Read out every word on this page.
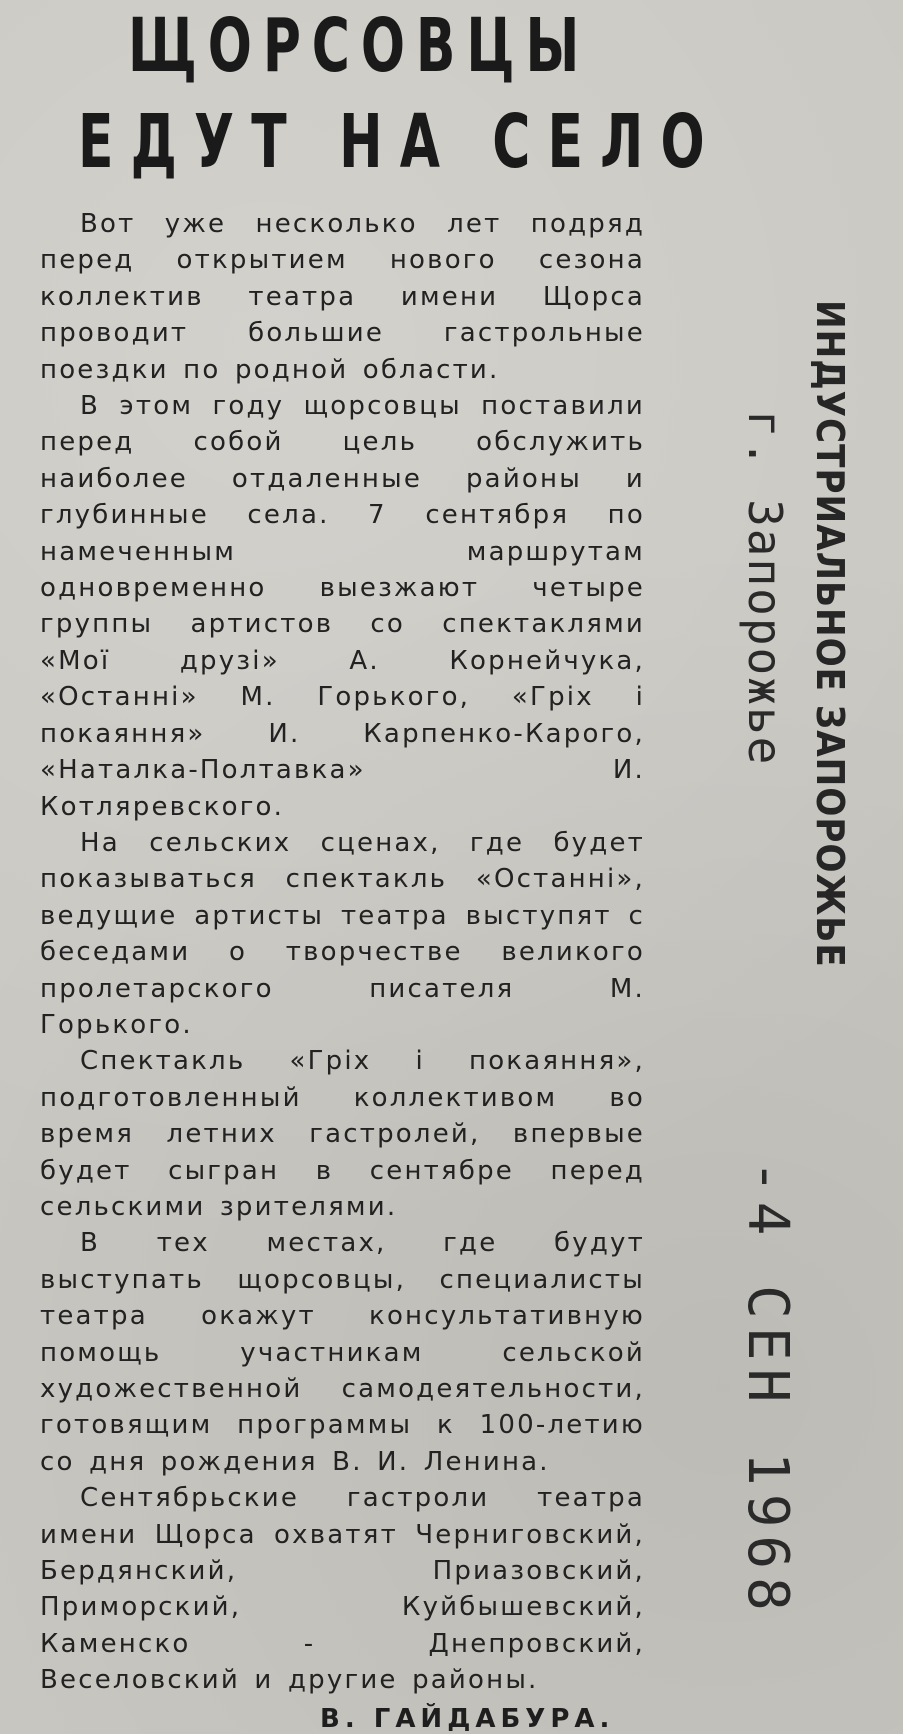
ЩОРСОВЦЫ
ЕДУТ НА СЕЛО

Вот уже несколько лет подряд перед открытием нового сезона коллектив театра имени Щорса проводит большие гастрольные поездки по родной области.

В этом году щорсовцы поставили перед собой цель обслужить наиболее отдаленные районы и глубинные села. 7 сентября по намеченным маршрутам одновременно выезжают четыре группы артистов со спектаклями «Мої друзі» А. Корнейчука, «Останні» М. Горького, «Гріх і покаяння» И. Карпенко-Карого, «Наталка-Полтавка» И. Котляревского.

На сельских сценах, где будет показываться спектакль «Останні», ведущие артисты театра выступят с беседами о творчестве великого пролетарского писателя М. Горького.

Спектакль «Гріх і покаяння», подготовленный коллективом во время летних гастролей, впервые будет сыгран в сентябре перед сельскими зрителями.

В тех местах, где будут выступать щорсовцы, специалисты театра окажут консультативную помощь участникам сельской художественной самодеятельности, готовящим программы к 100-летию со дня рождения В. И. Ленина.

Сентябрьские гастроли театра имени Щорса охватят Черниговский, Бердянский, Приазовский, Приморский, Куйбышевский, Каменско - Днепровский, Веселовский и другие районы.

В. ГАЙДАБУРА.
ИНДУСТРИАЛЬНОЕ ЗАПОРОЖЬЕ
г. Запорожье
-4 СЕН 1968
